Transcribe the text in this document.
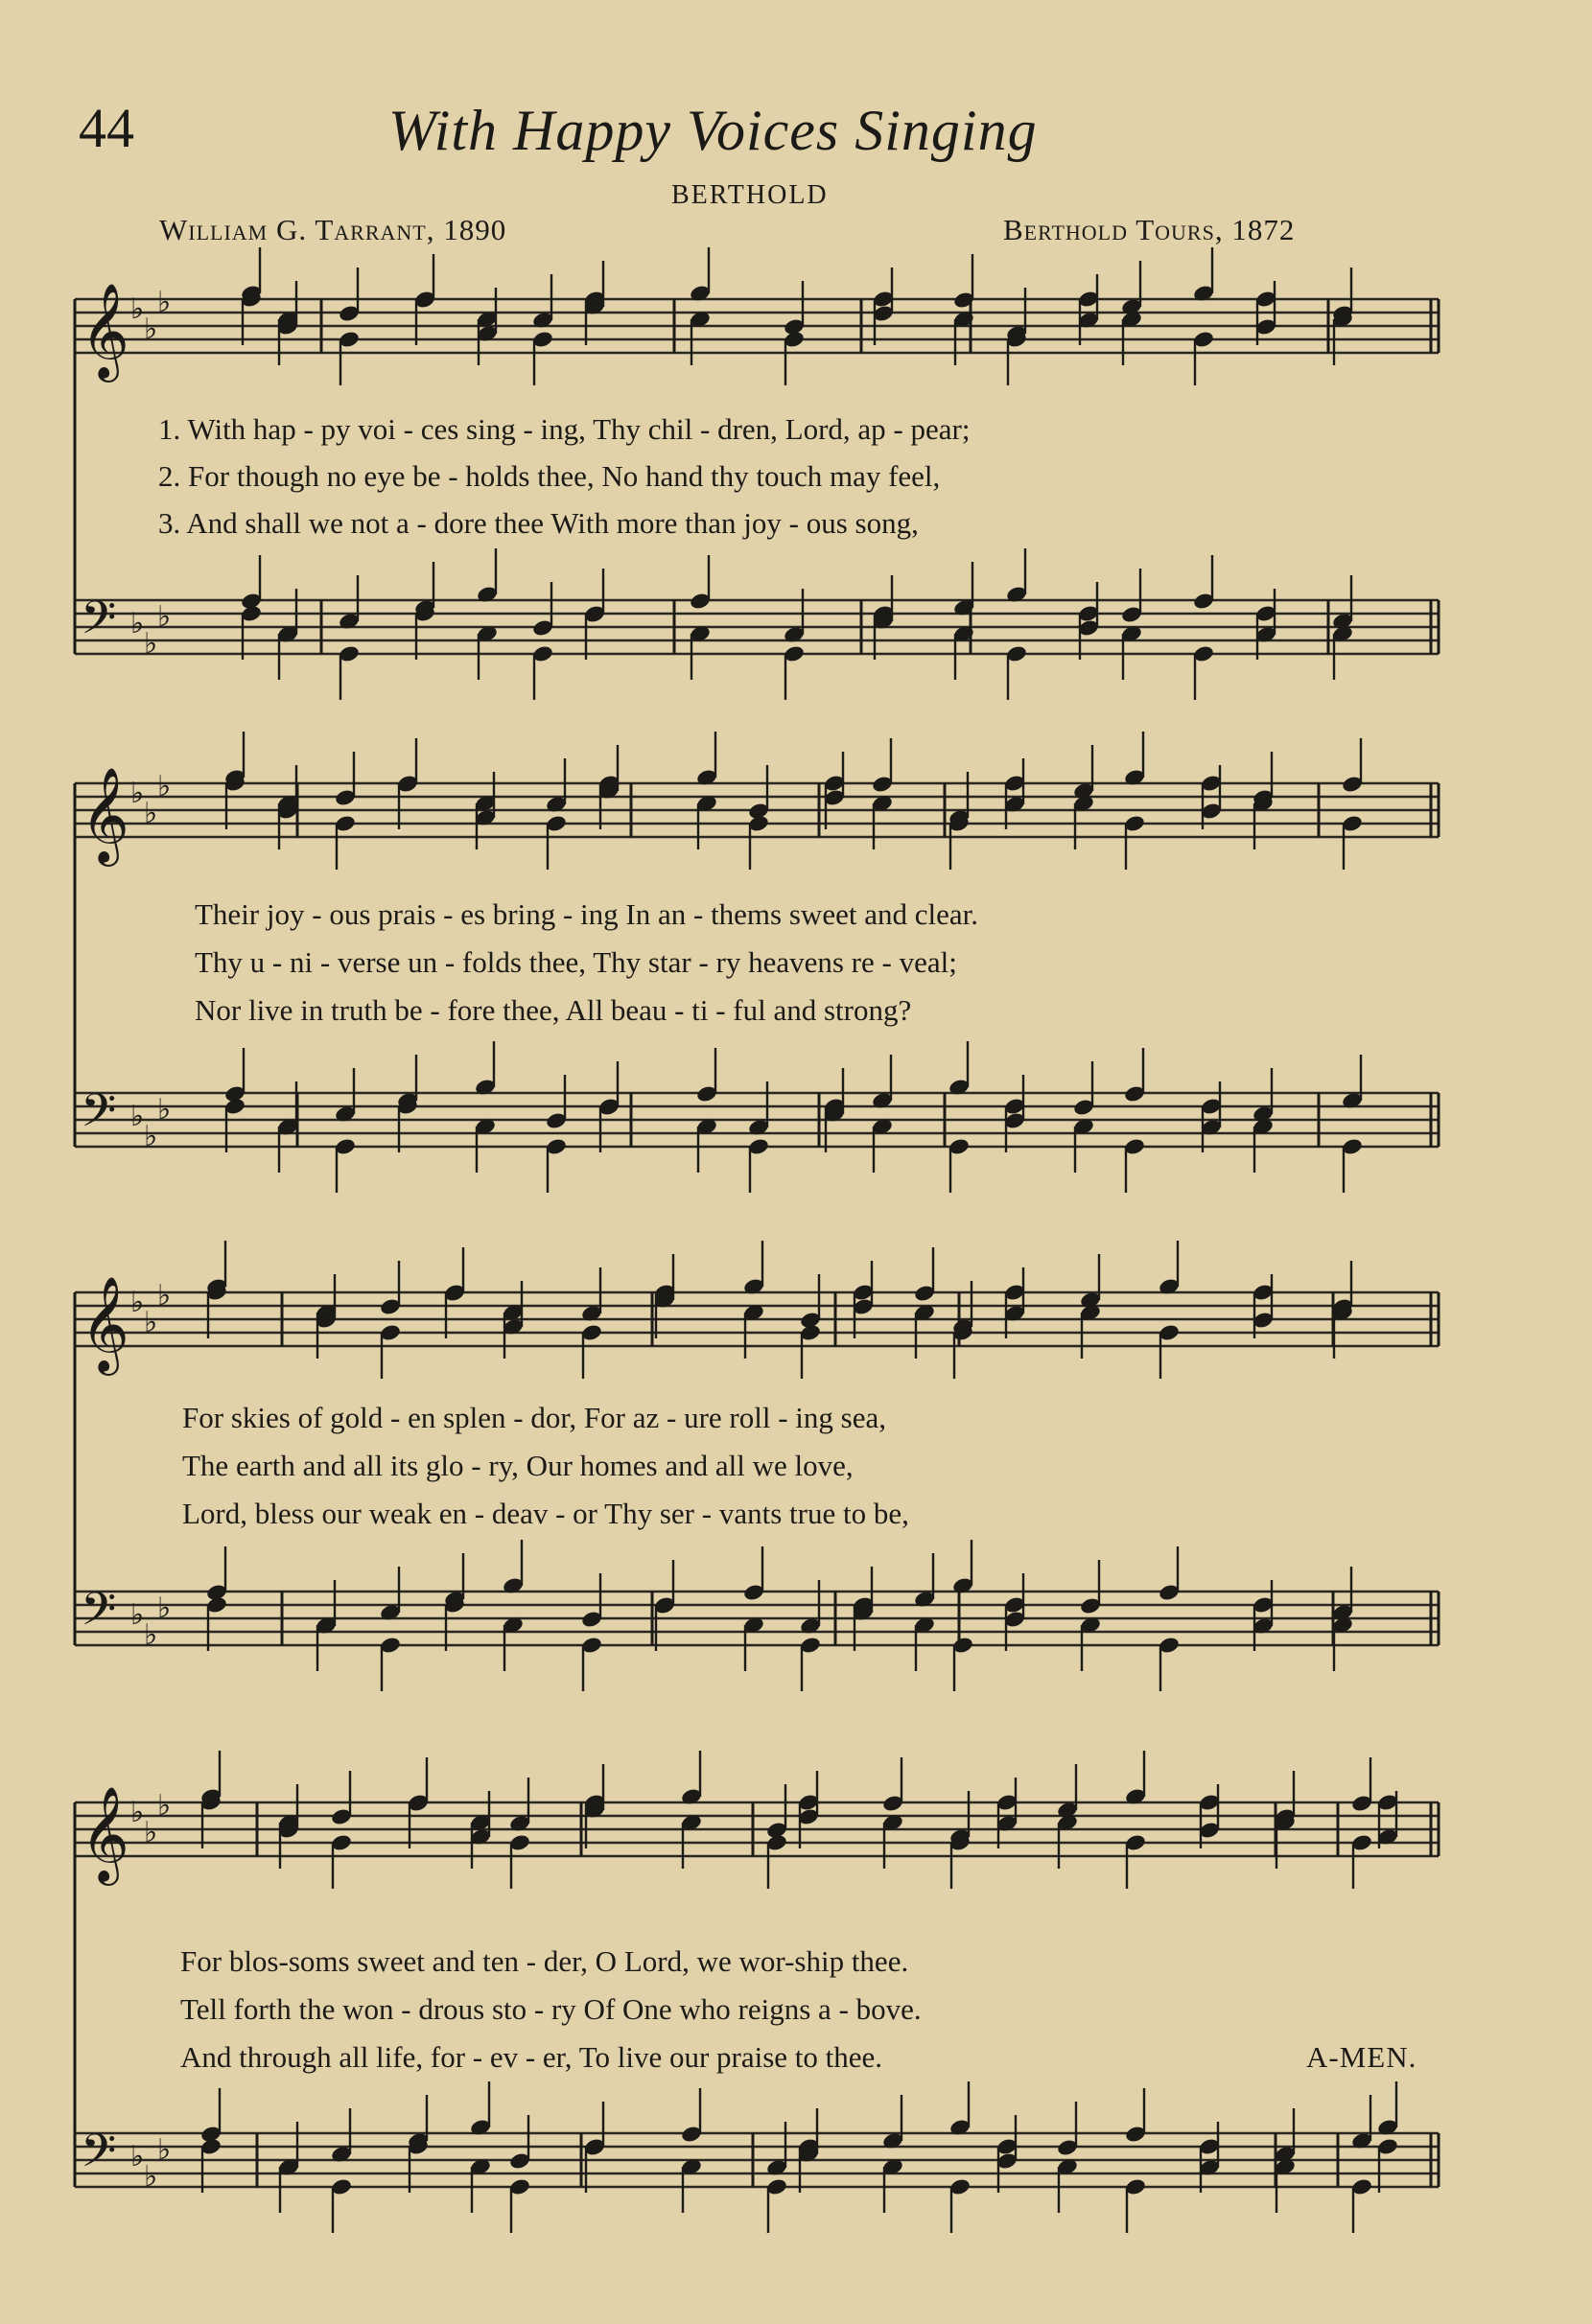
44	With Happy Voices Singing
BERTHOLD
William G. Tarrant, 1890	Berthold Tours, 1872
𝄞 ♭
♭
♭
𝄢 ♭
♭
♭
𝄞 ♭
♭
♭
𝄢 ♭
♭
♭
𝄞 ♭
♭
♭
𝄢 ♭
♭
♭
𝄞 ♭
♭
♭
𝄢 ♭
♭
♭
1. With hap - py voi - ces sing - ing, Thy chil - dren, Lord, ap - pear;
2. For though no eye be - holds thee, No hand thy touch may feel,
3. And shall we not a - dore thee With more than joy - ous song,
Their joy - ous prais - es bring - ing In an - thems sweet and clear.
Thy u - ni - verse un - folds thee, Thy star - ry heavens re - veal;
Nor live in truth be - fore thee, All beau - ti - ful and strong?
For skies of gold - en splen - dor, For az - ure roll - ing sea,
The earth and all its glo - ry, Our homes and all we love,
Lord, bless our weak en - deav - or Thy ser - vants true to be,
For blos-soms sweet and ten - der, O Lord, we wor-ship thee.
Tell forth the won - drous sto - ry Of One who reigns a - bove.
And through all life, for - ev - er, To live our praise to thee.	A-MEN.
